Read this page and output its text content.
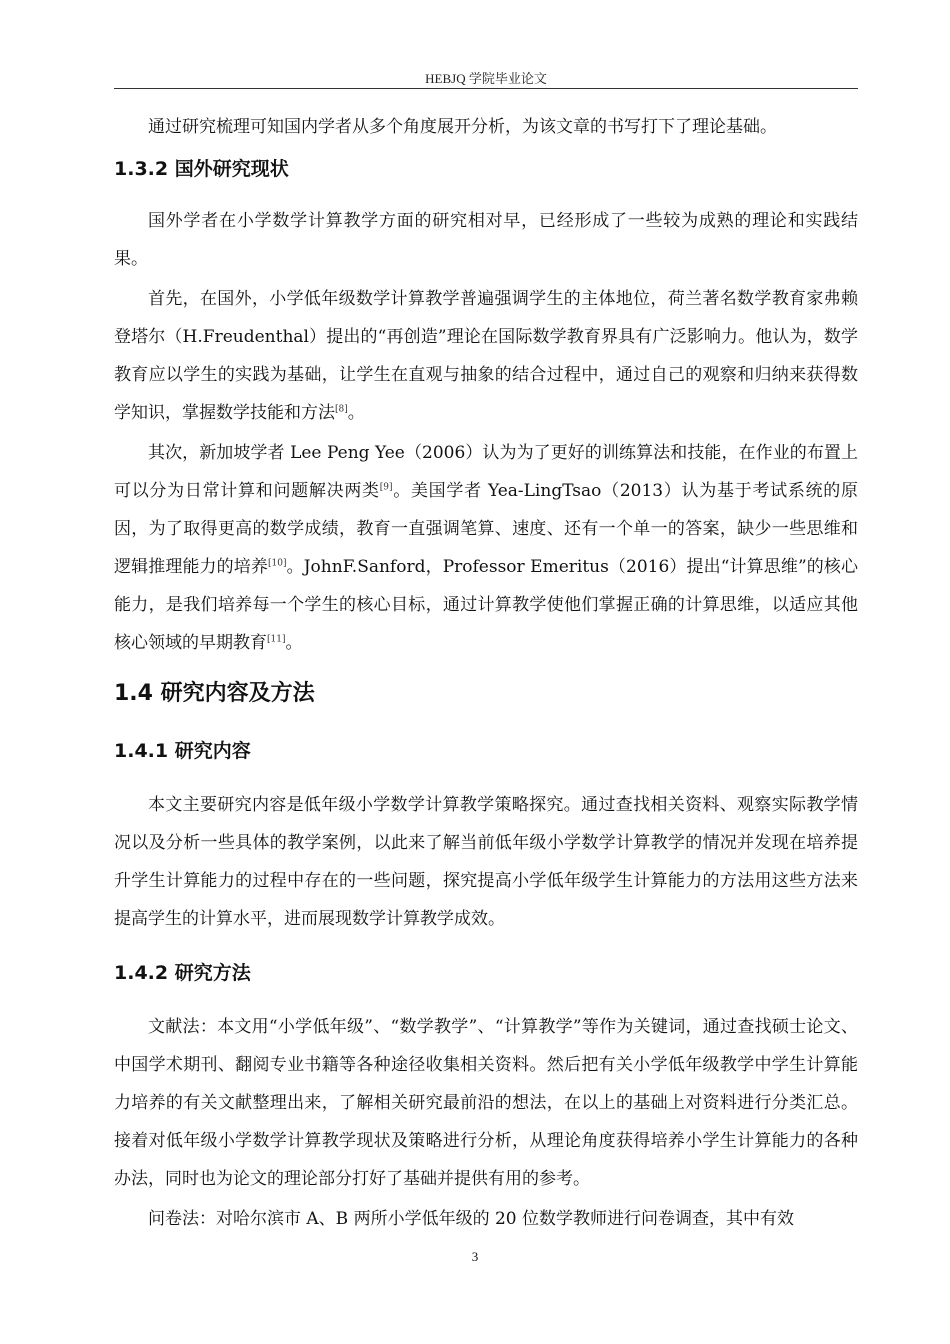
HEBJQ 学院毕业论文

通过研究梳理可知国内学者从多个角度展开分析，为该文章的书写打下了理论基础。

1.3.2 国外研究现状

国外学者在小学数学计算教学方面的研究相对早，已经形成了一些较为成熟的理论和实践结果。

首先，在国外，小学低年级数学计算教学普遍强调学生的主体地位，荷兰著名数学教育家弗赖登塔尔（H.Freudenthal）提出的“再创造”理论在国际数学教育界具有广泛影响力。他认为，数学教育应以学生的实践为基础，让学生在直观与抽象的结合过程中，通过自己的观察和归纳来获得数学知识，掌握数学技能和方法[8]。

其次，新加坡学者 Lee Peng Yee（2006）认为为了更好的训练算法和技能，在作业的布置上可以分为日常计算和问题解决两类[9]。美国学者 Yea-LingTsao（2013）认为基于考试系统的原因，为了取得更高的数学成绩，教育一直强调笔算、速度、还有一个单一的答案，缺少一些思维和逻辑推理能力的培养[10]。JohnF.Sanford，Professor Emeritus（2016）提出“计算思维”的核心能力，是我们培养每一个学生的核心目标，通过计算教学使他们掌握正确的计算思维，以适应其他核心领域的早期教育[11]。

1.4 研究内容及方法
1.4.1 研究内容

本文主要研究内容是低年级小学数学计算教学策略探究。通过查找相关资料、观察实际教学情况以及分析一些具体的教学案例，以此来了解当前低年级小学数学计算教学的情况并发现在培养提升学生计算能力的过程中存在的一些问题，探究提高小学低年级学生计算能力的方法用这些方法来提高学生的计算水平，进而展现数学计算教学成效。

1.4.2 研究方法

文献法：本文用“小学低年级”、“数学教学”、“计算教学”等作为关键词，通过查找硕士论文、中国学术期刊、翻阅专业书籍等各种途径收集相关资料。然后把有关小学低年级教学中学生计算能力培养的有关文献整理出来，了解相关研究最前沿的想法，在以上的基础上对资料进行分类汇总。接着对低年级小学数学计算教学现状及策略进行分析，从理论角度获得培养小学生计算能力的各种办法，同时也为论文的理论部分打好了基础并提供有用的参考。

问卷法：对哈尔滨市 A、B 两所小学低年级的 20 位数学教师进行问卷调查，其中有效

3
